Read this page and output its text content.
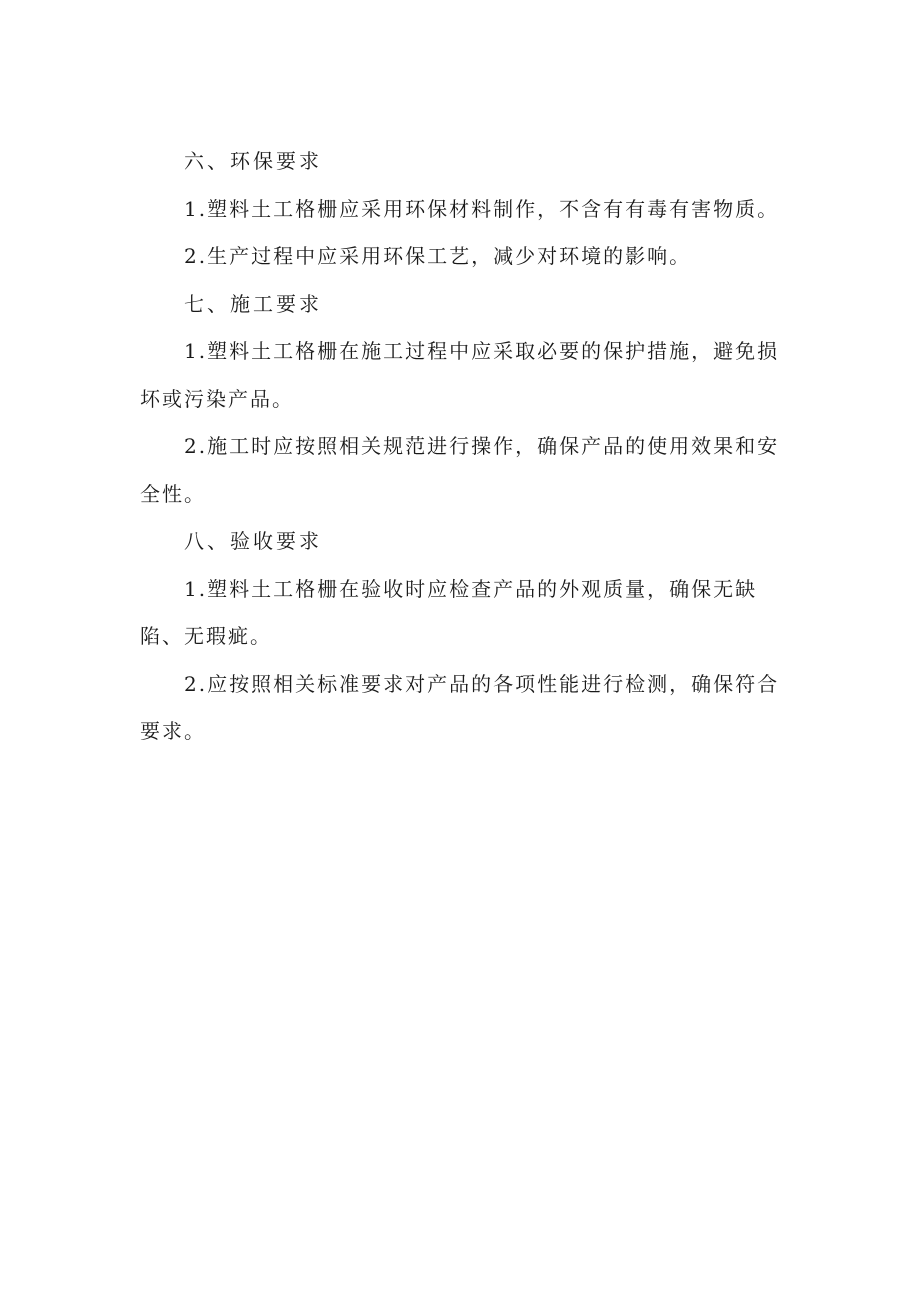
六、环保要求

1.塑料土工格栅应采用环保材料制作，不含有有毒有害物质。

2.生产过程中应采用环保工艺，减少对环境的影响。

七、施工要求

1.塑料土工格栅在施工过程中应采取必要的保护措施，避免损坏或污染产品。

2.施工时应按照相关规范进行操作，确保产品的使用效果和安全性。

八、验收要求

1.塑料土工格栅在验收时应检查产品的外观质量，确保无缺陷、无瑕疵。

2.应按照相关标准要求对产品的各项性能进行检测，确保符合要求。
